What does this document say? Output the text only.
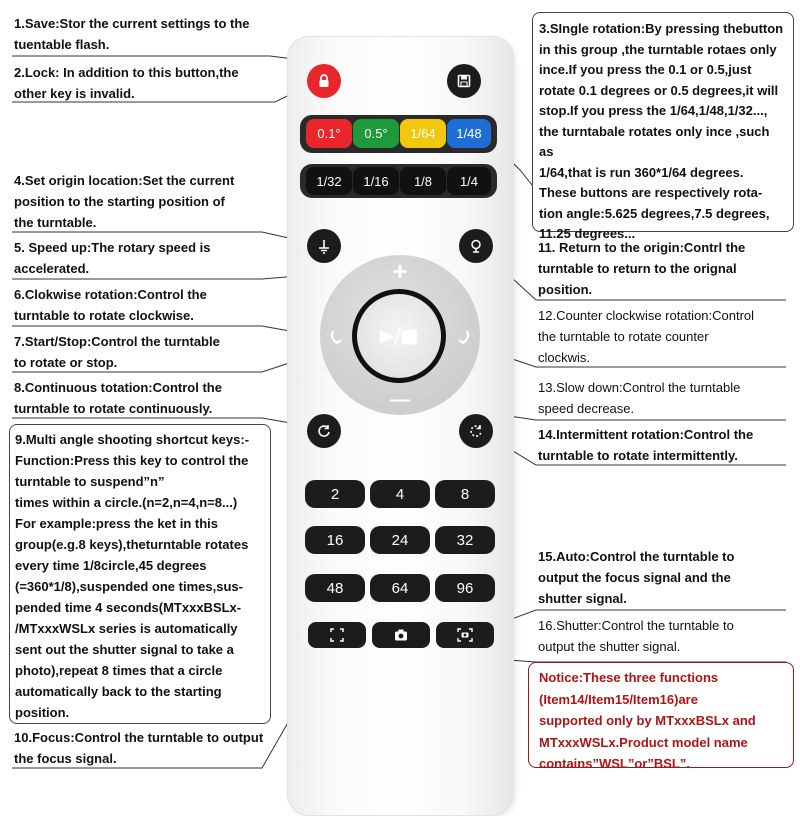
1.Save:Stor the current settings to the
tuentable flash.
2.Lock: In addition to this button,the
other key is invalid.
4.Set origin location:Set the current
position to the starting position of
the turntable.
5. Speed up:The rotary speed is
accelerated.
6.Clokwise rotation:Control the
turntable to rotate clockwise.
7.Start/Stop:Control the turntable
to rotate or stop.
8.Continuous totation:Control the
turntable to rotate continuously.
9.Multi angle shooting shortcut keys:-
Function:Press this key to control the
turntable to suspend”n”
times within a circle.(n=2,n=4,n=8...)
For example:press the ket in this
group(e.g.8 keys),theturntable rotates
every time 1/8circle,45 degrees
(=360*1/8),suspended one times,sus-
pended time 4 seconds(MTxxxBSLx-
/MTxxxWSLx series is automatically
sent out the shutter signal to take a
photo),repeat 8 times that a circle
automatically back to the starting
position.
10.Focus:Control the turntable to output
the focus signal.
3.SIngle rotation:By pressing thebutton
in this group ,the turntable rotaes only
ince.If you press the 0.1 or 0.5,just
rotate 0.1 degrees or 0.5 degrees,it will
stop.If you press the 1/64,1/48,1/32...,
the turntabale rotates only ince ,such as
1/64,that is run 360*1/64 degrees.
These buttons are respectively rota-
tion angle:5.625 degrees,7.5 degrees,
11.25 degrees...
11. Return to the origin:Contrl the
turntable to return to the orignal
position.
12.Counter clockwise rotation:Control
the turntable to rotate counter
clockwis.
13.Slow down:Control the turntable
speed decrease.
14.Intermittent rotation:Control the
turntable to rotate intermittently.
15.Auto:Control the turntable to
output the focus signal and the
shutter signal.
16.Shutter:Control the turntable to
output the shutter signal.
Notice:These three functions
(Item14/Item15/Item16)are
supported only by MTxxxBSLx and
MTxxxWSLx.Product model name
contains”WSL”or”BSL”.
0.1°	0.5°	1/64	1/48
1/32	1/16	1/8	1/4
+
—
▶/■
2	4	8
16	24	32
48	64	96
